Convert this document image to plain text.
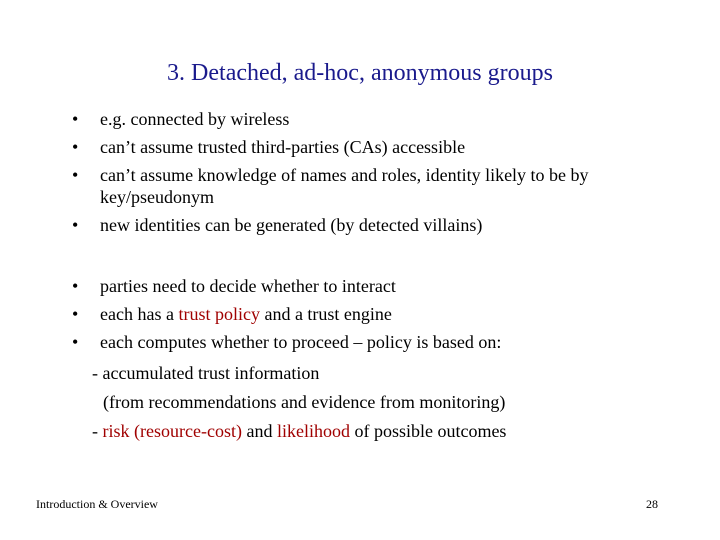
3. Detached, ad-hoc, anonymous groups
• e.g. connected by wireless
• can’t assume trusted third-parties (CAs) accessible
• can’t assume knowledge of names and roles, identity likely to be by key/pseudonym
• new identities can be generated (by detected villains)
• parties need to decide whether to interact
• each has a trust policy and a trust engine
• each computes whether to proceed – policy is based on:
- accumulated trust information
(from recommendations and evidence from monitoring)
- risk (resource-cost) and likelihood of possible outcomes
Introduction & Overview	28
